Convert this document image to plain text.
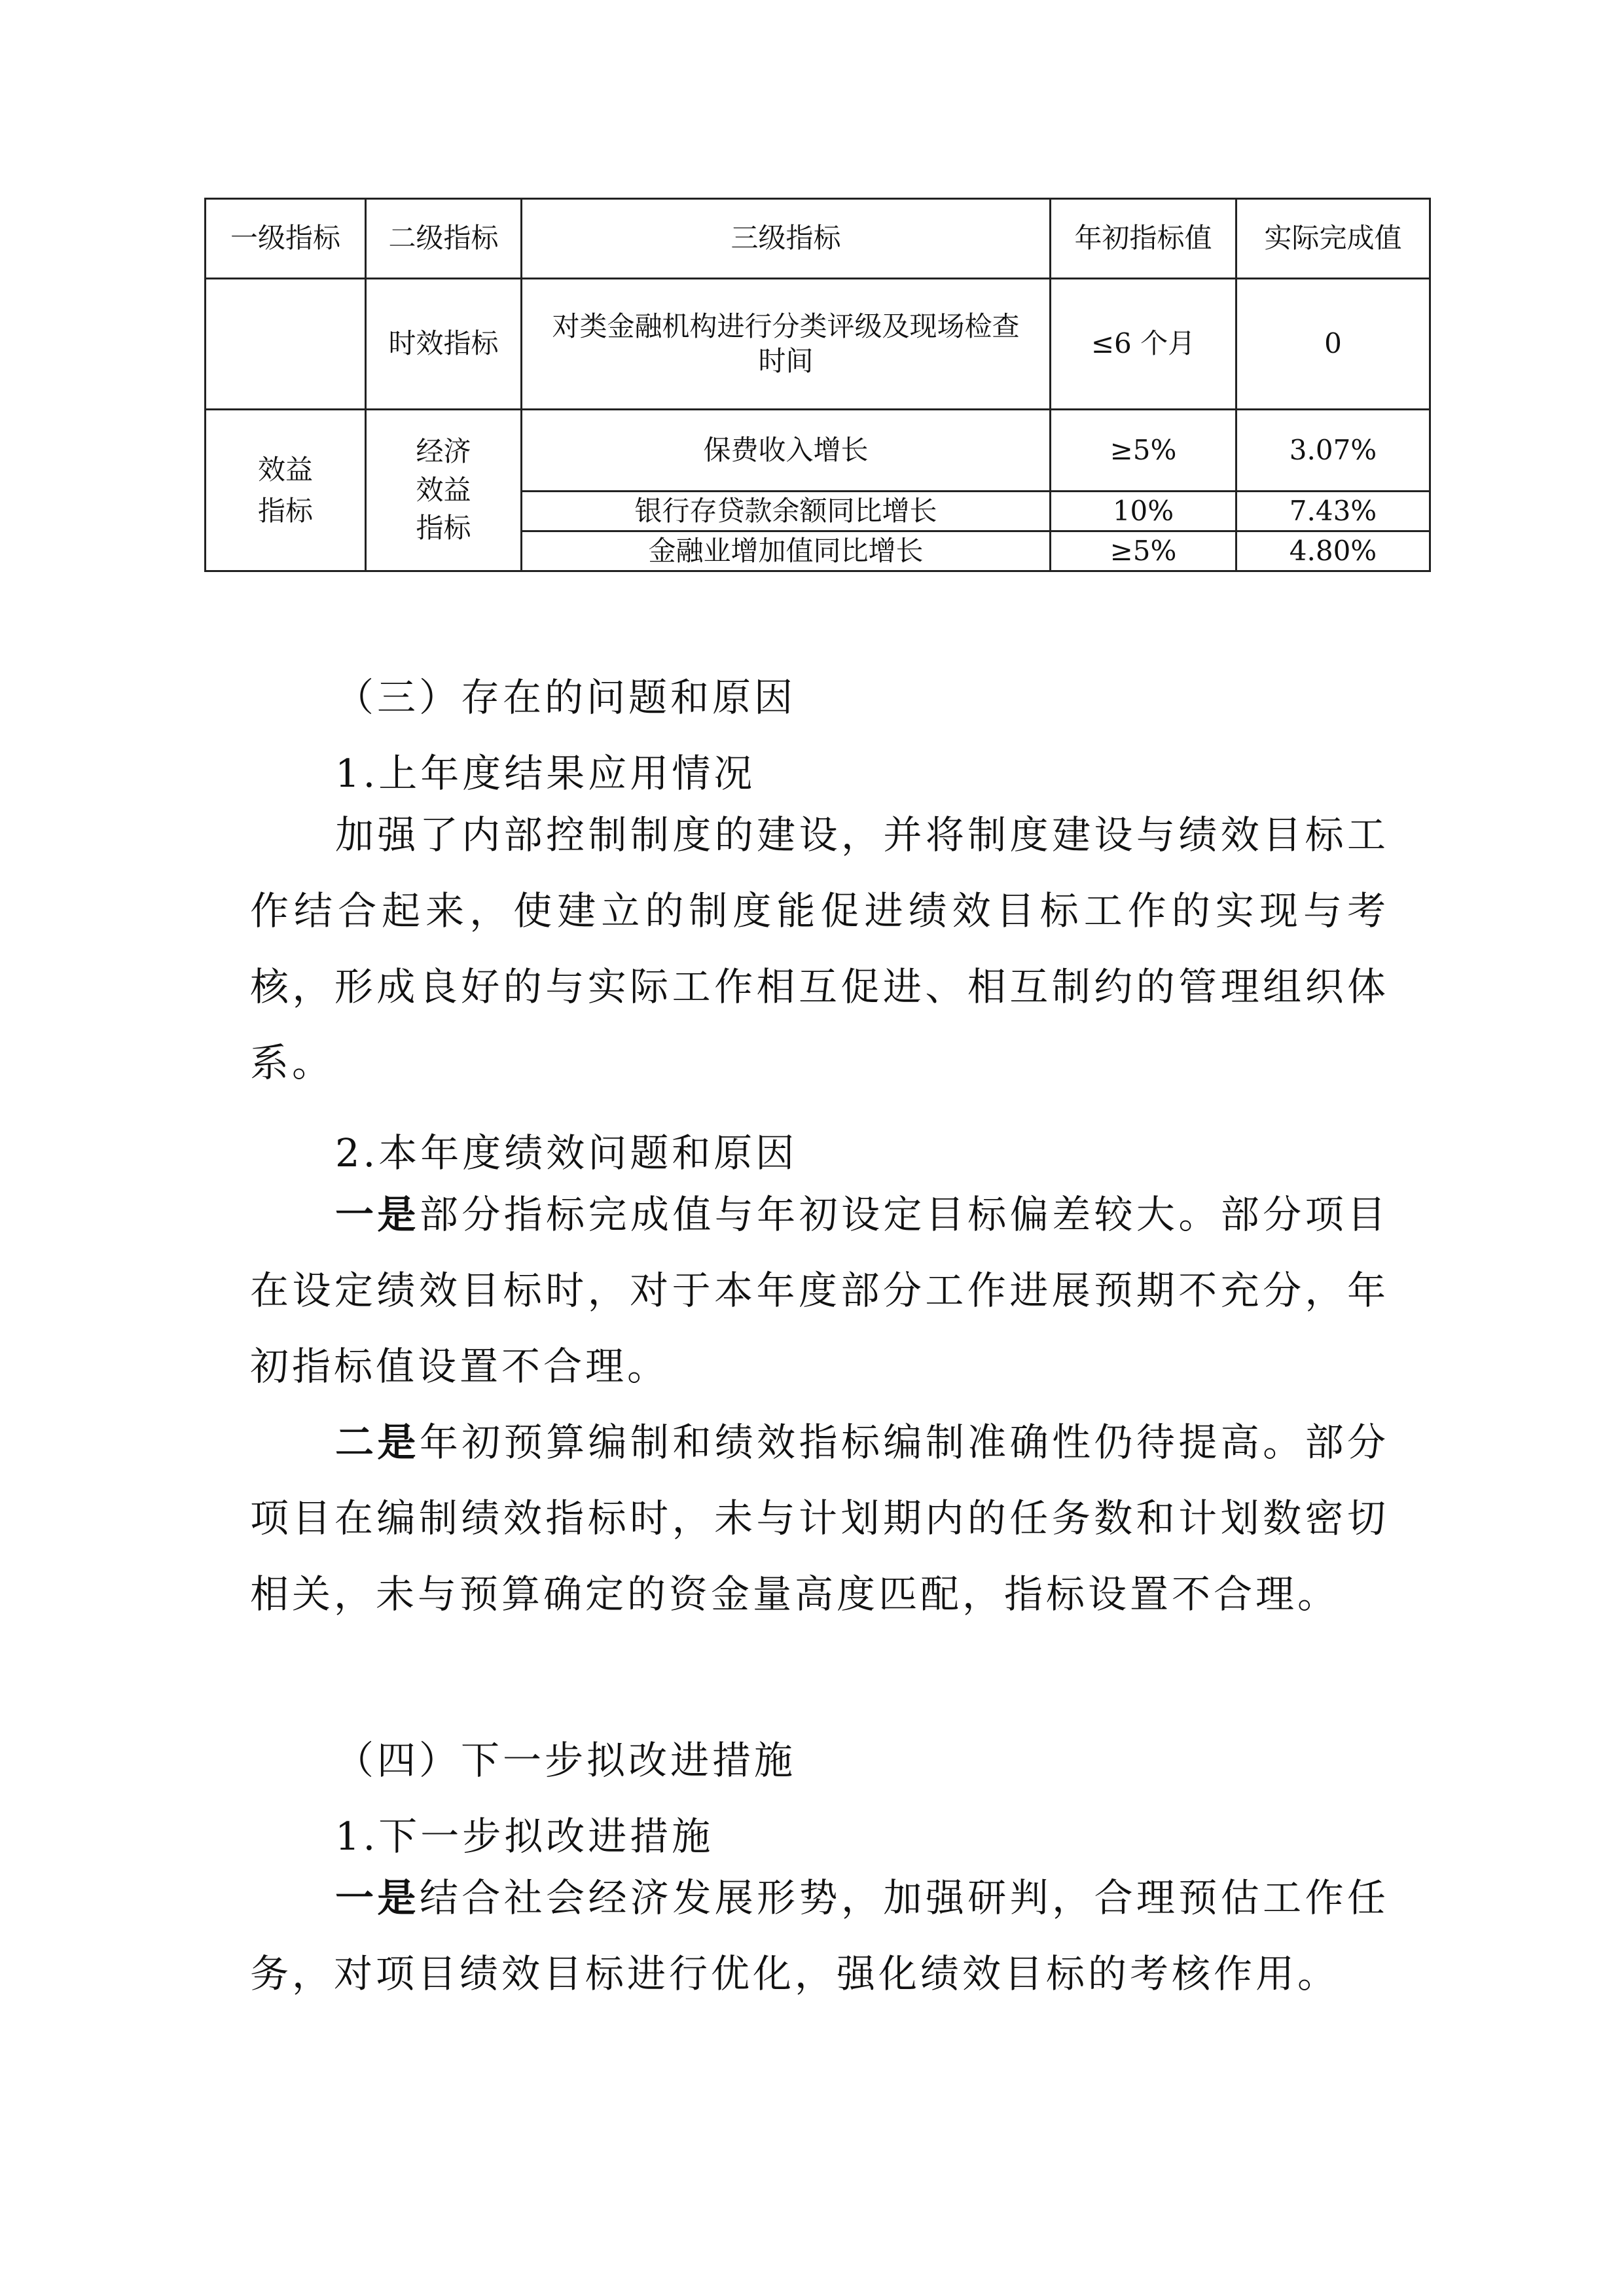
一级指标	二级指标	三级指标	年初指标值	实际完成值
	时效指标	对类金融机构进行分类评级及现场检查时间	≤6 个月	0
效益指标	经济效益指标	保费收入增长	≥5%	3.07%
		银行存贷款余额同比增长	10%	7.43%
		金融业增加值同比增长	≥5%	4.80%
（三）存在的问题和原因
1.上年度结果应用情况
加强了内部控制制度的建设，并将制度建设与绩效目标工作结合起来，使建立的制度能促进绩效目标工作的实现与考核，形成良好的与实际工作相互促进、相互制约的管理组织体系。
2.本年度绩效问题和原因
一是部分指标完成值与年初设定目标偏差较大。部分项目在设定绩效目标时，对于本年度部分工作进展预期不充分，年初指标值设置不合理。
二是年初预算编制和绩效指标编制准确性仍待提高。部分项目在编制绩效指标时，未与计划期内的任务数和计划数密切相关，未与预算确定的资金量高度匹配，指标设置不合理。
（四）下一步拟改进措施
1.下一步拟改进措施
一是结合社会经济发展形势，加强研判，合理预估工作任务，对项目绩效目标进行优化，强化绩效目标的考核作用。
